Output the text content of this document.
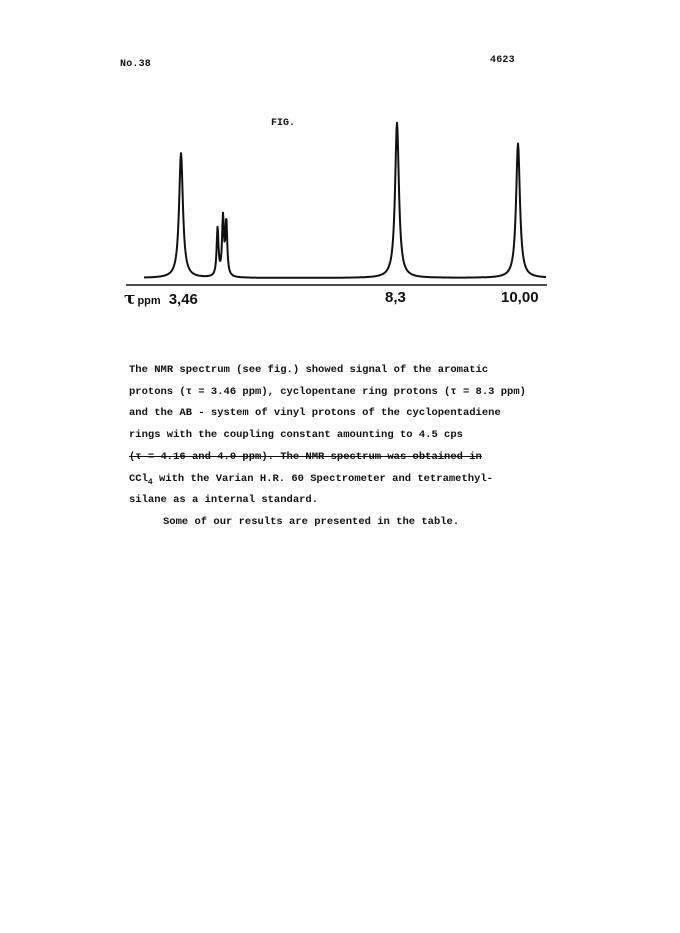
No.38	4623
FIG.
τppm 3,46	8,3	10,00
The NMR spectrum (see fig.) showed signal of the aromatic
protons (τ = 3.46 ppm), cyclopentane ring protons (τ = 8.3 ppm)
and the AB - system of vinyl protons of the cyclopentadiene
rings with the coupling constant amounting to 4.5 cps
(τ = 4.16 and 4.0 ppm). The NMR spectrum was obtained in
CCl$_4$ with the Varian H.R. 60 Spectrometer and tetramethyl-
silane as a internal standard.
Some of our results are presented in the table.
